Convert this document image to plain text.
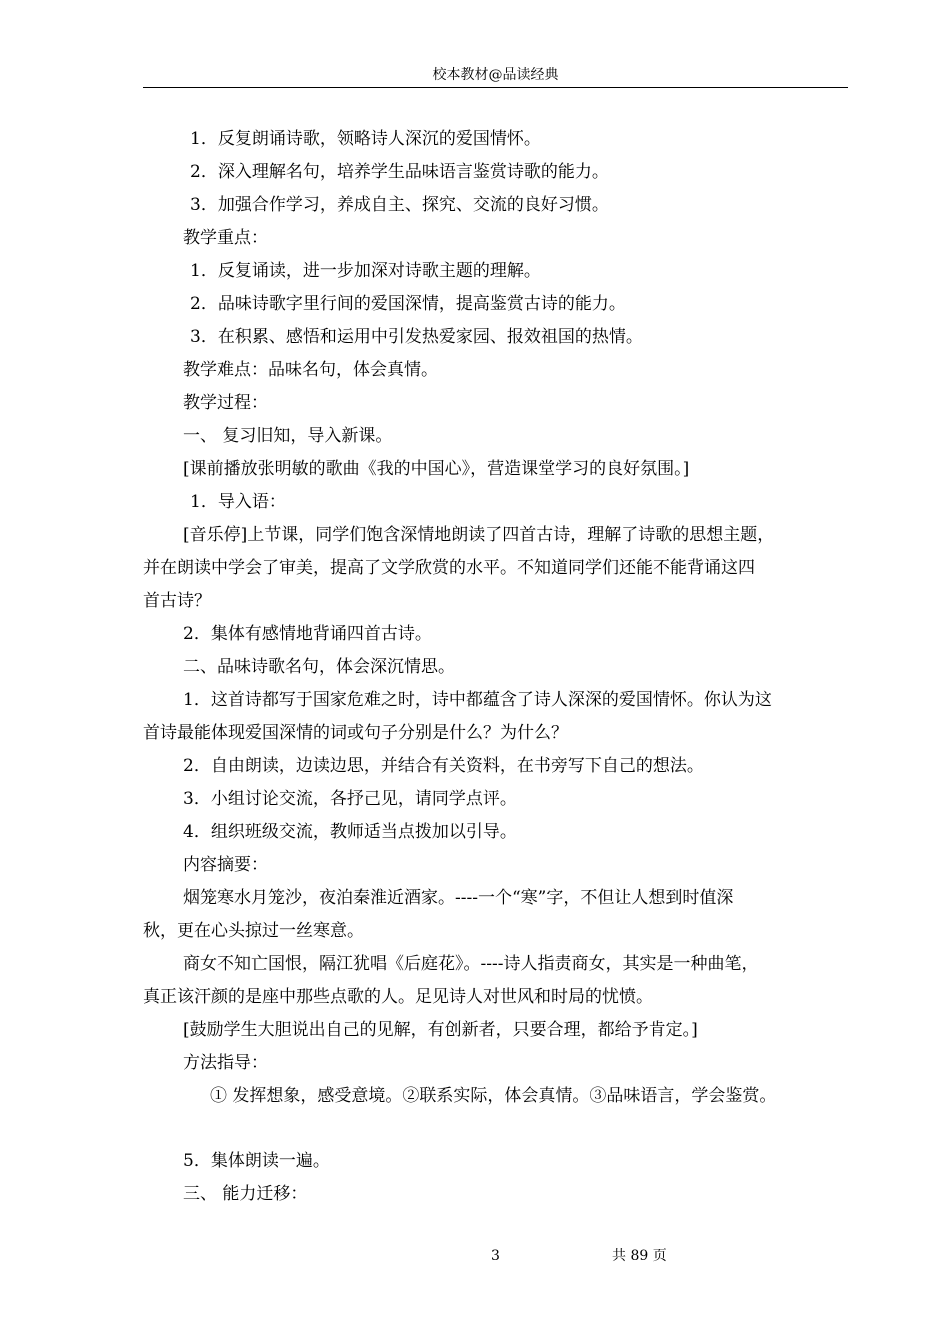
校本教材@品读经典
1．反复朗诵诗歌，领略诗人深沉的爱国情怀。
2．深入理解名句，培养学生品味语言鉴赏诗歌的能力。
3．加强合作学习，养成自主、探究、交流的良好习惯。
教学重点：
1．反复诵读，进一步加深对诗歌主题的理解。
2．品味诗歌字里行间的爱国深情，提高鉴赏古诗的能力。
3．在积累、感悟和运用中引发热爱家园、报效祖国的热情。
教学难点：品味名句，体会真情。
教学过程：
一、 复习旧知，导入新课。
[课前播放张明敏的歌曲《我的中国心》，营造课堂学习的良好氛围。]
1．导入语：
[音乐停]上节课，同学们饱含深情地朗读了四首古诗，理解了诗歌的思想主题，
并在朗读中学会了审美，提高了文学欣赏的水平。不知道同学们还能不能背诵这四
首古诗？
2．集体有感情地背诵四首古诗。
二、品味诗歌名句，体会深沉情思。
1．这首诗都写于国家危难之时，诗中都蕴含了诗人深深的爱国情怀。你认为这
首诗最能体现爱国深情的词或句子分别是什么？为什么？
2．自由朗读，边读边思，并结合有关资料，在书旁写下自己的想法。
3．小组讨论交流，各抒己见，请同学点评。
4．组织班级交流，教师适当点拨加以引导。
内容摘要：
烟笼寒水月笼沙，夜泊秦淮近酒家。----一个“寒”字，不但让人想到时值深
秋，更在心头掠过一丝寒意。
商女不知亡国恨，隔江犹唱《后庭花》。----诗人指责商女，其实是一种曲笔，
真正该汗颜的是座中那些点歌的人。足见诗人对世风和时局的忧愤。
[鼓励学生大胆说出自己的见解，有创新者，只要合理，都给予肯定。]
方法指导：
① 发挥想象，感受意境。②联系实际，体会真情。③品味语言，学会鉴赏。
5．集体朗读一遍。
三、 能力迁移：
3	共 89 页
